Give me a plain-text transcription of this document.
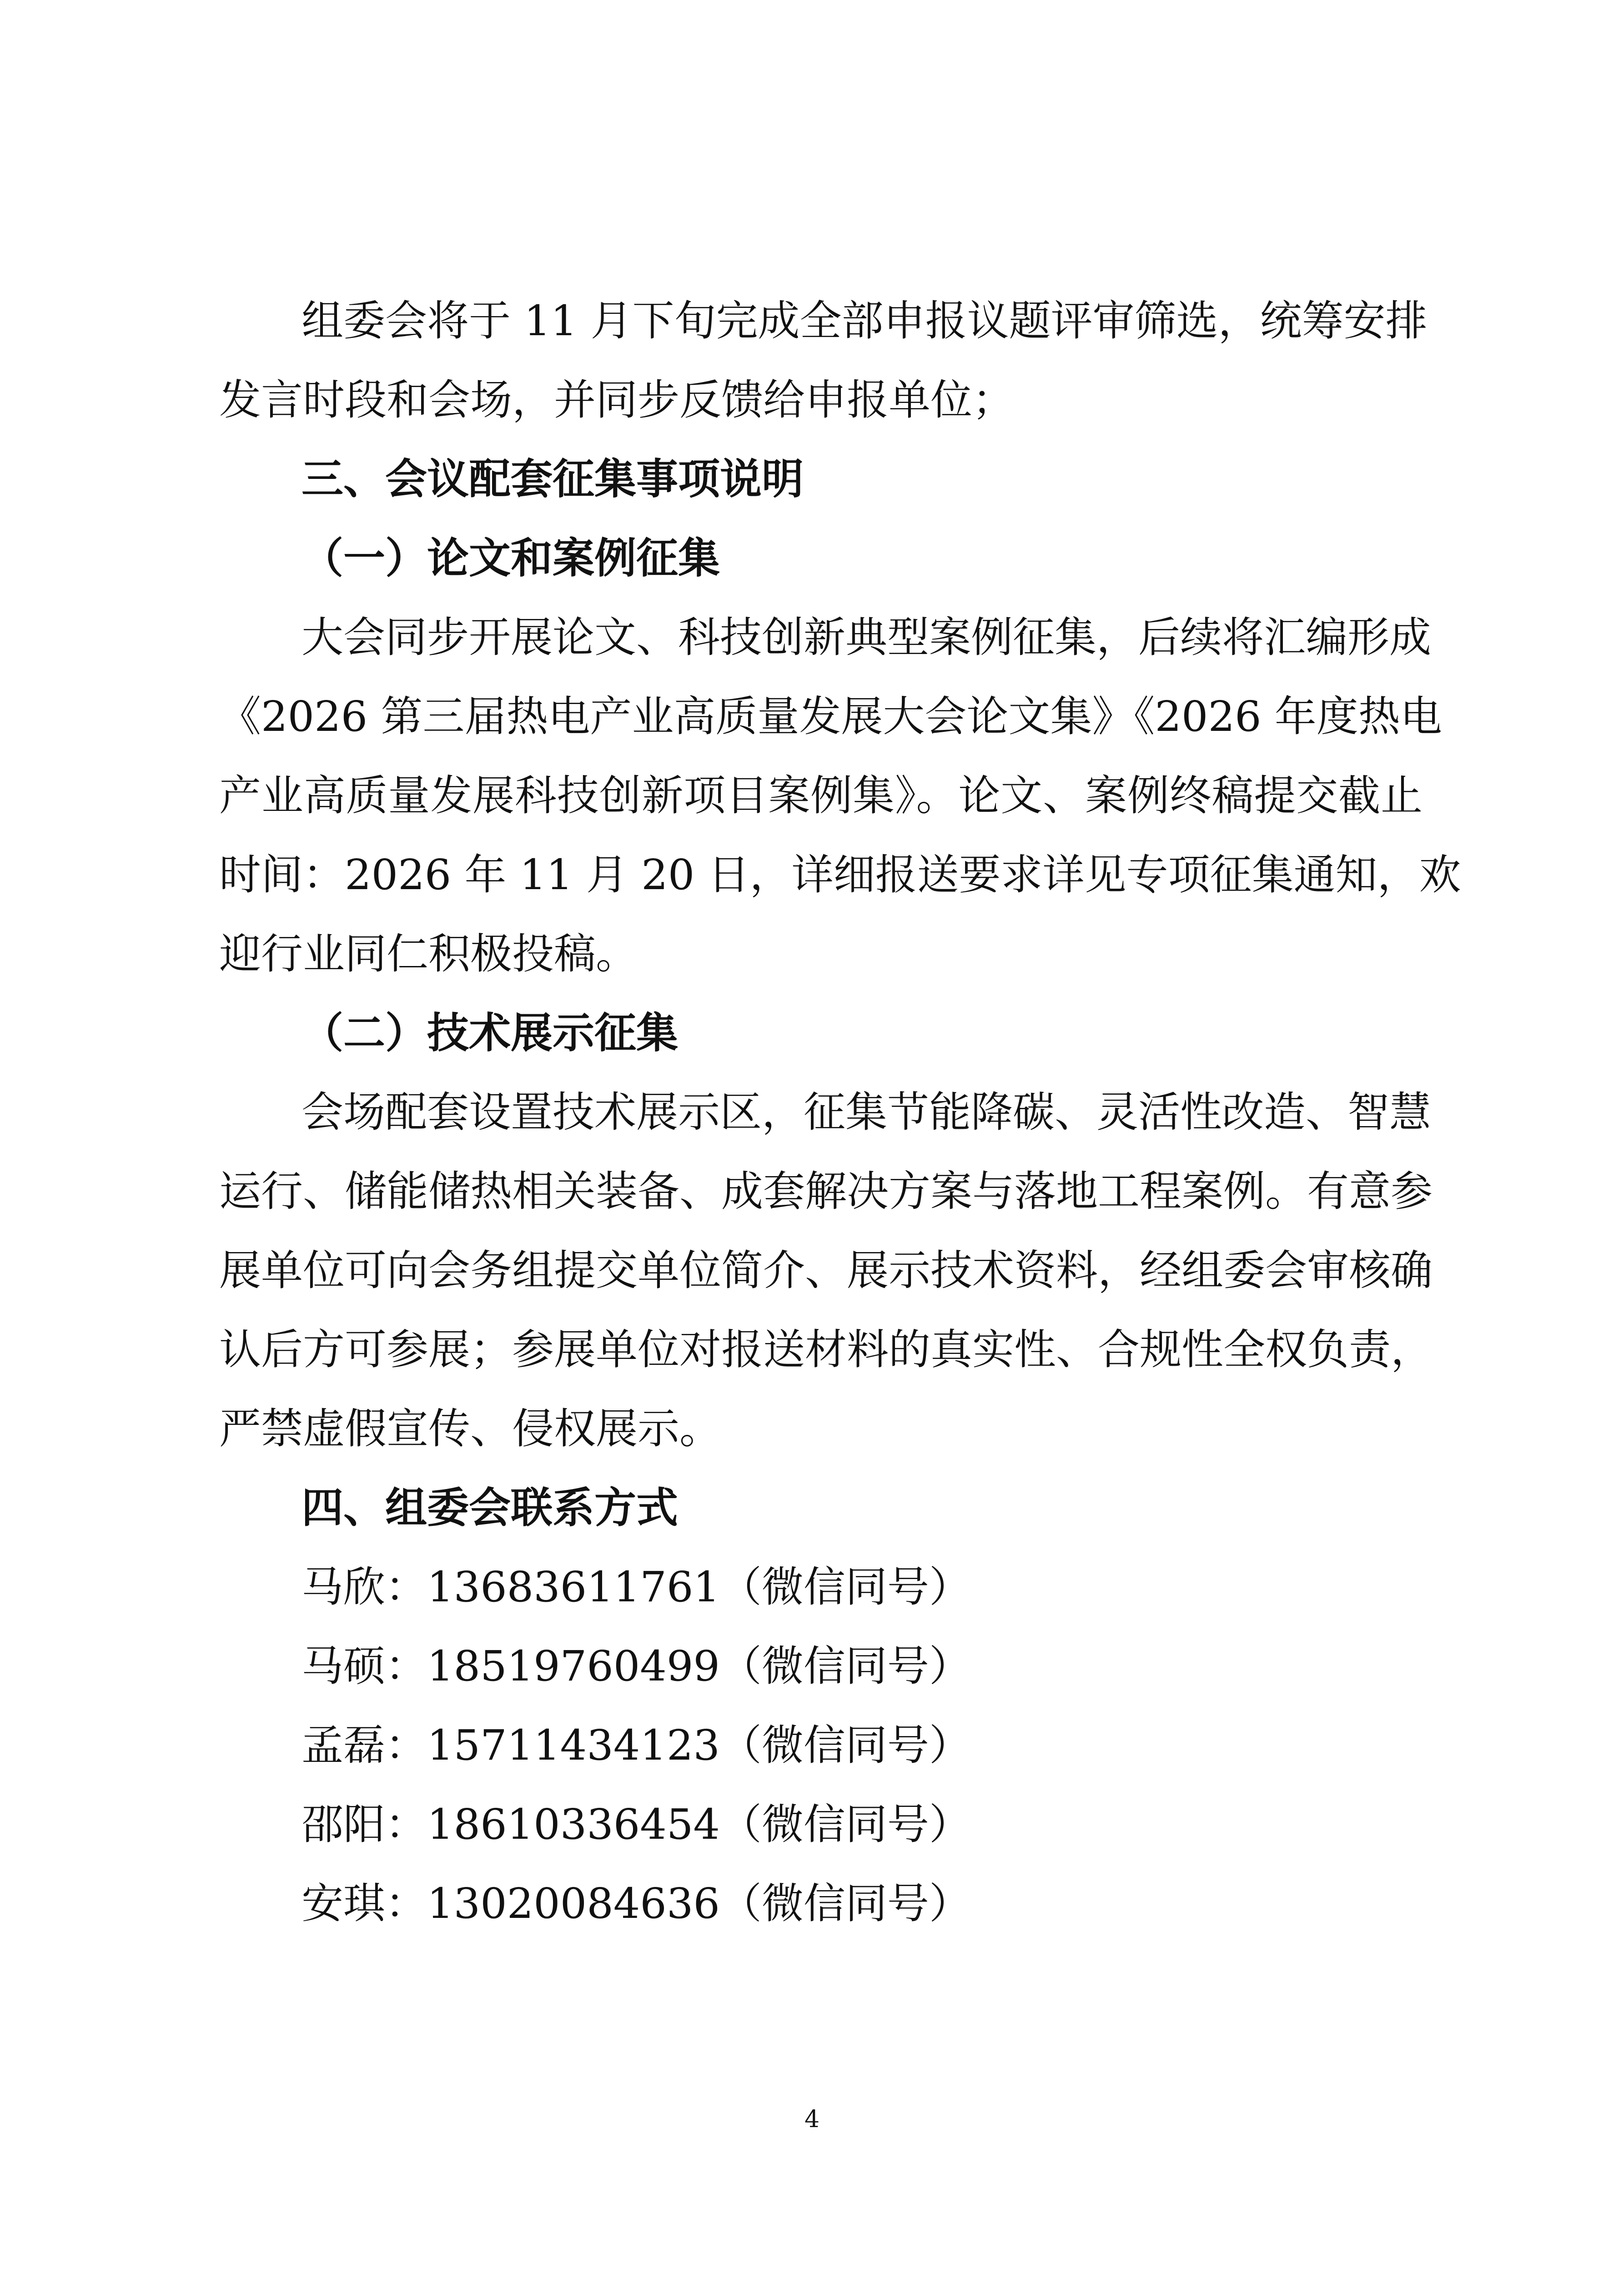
组委会将于 11 月下旬完成全部申报议题评审筛选，统筹安排
发言时段和会场，并同步反馈给申报单位；
三、会议配套征集事项说明
（一）论文和案例征集
大会同步开展论文、科技创新典型案例征集，后续将汇编形成
《2026 第三届热电产业高质量发展大会论文集》《2026 年度热电
产业高质量发展科技创新项目案例集》。论文、案例终稿提交截止
时间：2026 年 11 月 20 日，详细报送要求详见专项征集通知，欢
迎行业同仁积极投稿。
（二）技术展示征集
会场配套设置技术展示区，征集节能降碳、灵活性改造、智慧
运行、储能储热相关装备、成套解决方案与落地工程案例。有意参
展单位可向会务组提交单位简介、展示技术资料，经组委会审核确
认后方可参展；参展单位对报送材料的真实性、合规性全权负责，
严禁虚假宣传、侵权展示。
四、组委会联系方式
马欣：13683611761（微信同号）
马硕：18519760499（微信同号）
孟磊：15711434123（微信同号）
邵阳：18610336454（微信同号）
安琪：13020084636（微信同号）
4
